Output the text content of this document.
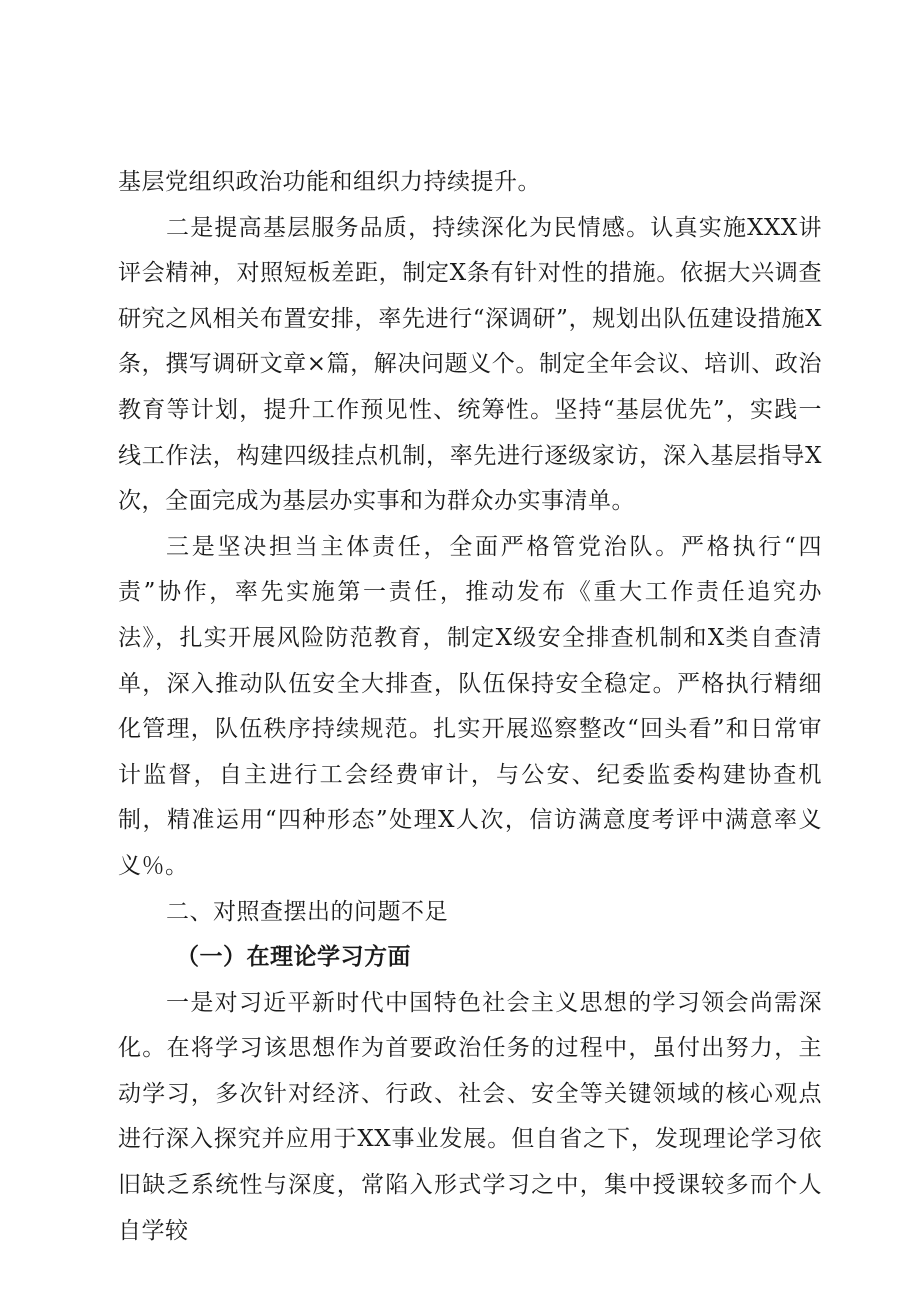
基层党组织政治功能和组织力持续提升。

二是提高基层服务品质，持续深化为民情感。认真实施XXX讲评会精神，对照短板差距，制定X条有针对性的措施。依据大兴调查研究之风相关布置安排，率先进行“深调研”，规划出队伍建设措施X条，撰写调研文章×篇，解决问题义个。制定全年会议、培训、政治教育等计划，提升工作预见性、统筹性。坚持“基层优先”，实践一线工作法，构建四级挂点机制，率先进行逐级家访，深入基层指导X次，全面完成为基层办实事和为群众办实事清单。

三是坚决担当主体责任，全面严格管党治队。严格执行“四责”协作，率先实施第一责任，推动发布《重大工作责任追究办法》，扎实开展风险防范教育，制定X级安全排查机制和X类自查清单，深入推动队伍安全大排查，队伍保持安全稳定。严格执行精细化管理，队伍秩序持续规范。扎实开展巡察整改“回头看”和日常审计监督，自主进行工会经费审计，与公安、纪委监委构建协查机制，精准运用“四种形态”处理X人次，信访满意度考评中满意率义义％。

二、对照查摆出的问题不足
（一）在理论学习方面

一是对习近平新时代中国特色社会主义思想的学习领会尚需深化。在将学习该思想作为首要政治任务的过程中，虽付出努力，主动学习，多次针对经济、行政、社会、安全等关键领域的核心观点进行深入探究并应用于XX事业发展。但自省之下，发现理论学习依旧缺乏系统性与深度，常陷入形式学习之中，集中授课较多而个人自学较
